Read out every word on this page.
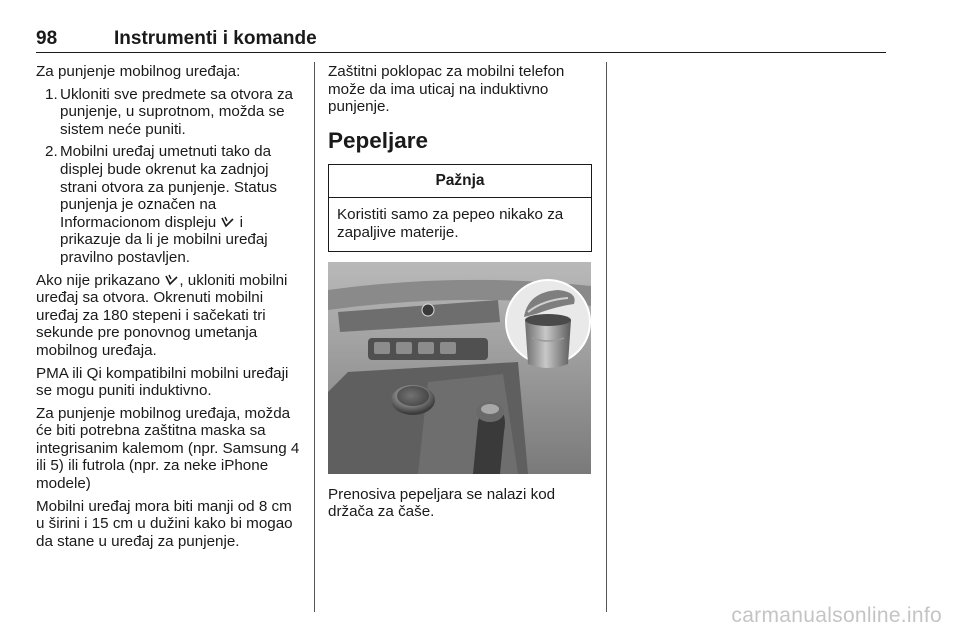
98	Instrumenti i komande

Za punjenje mobilnog uređaja:

1. Ukloniti sve predmete sa otvora za punjenje, u suprotnom, možda se sistem neće puniti.
2. Mobilni uređaj umetnuti tako da displej bude okrenut ka zadnjoj strani otvora za punjenje. Status punjenja je označen na Informacionom displeju i prikazuje da li je mobilni uređaj pravilno postavljen.

Ako nije prikazano , ukloniti mobilni uređaj sa otvora. Okrenuti mobilni uređaj za 180 stepeni i sačekati tri sekunde pre ponovnog umetanja mobilnog uređaja.

PMA ili Qi kompatibilni mobilni uređaji se mogu puniti induktivno.

Za punjenje mobilnog uređaja, možda će biti potrebna zaštitna maska sa integrisanim kalemom (npr. Samsung 4 ili 5) ili futrola (npr. za neke iPhone modele)

Mobilni uređaj mora biti manji od 8 cm u širini i 15 cm u dužini kako bi mogao da stane u uređaj za punjenje.

Zaštitni poklopac za mobilni telefon može da ima uticaj na induktivno punjenje.

Pepeljare
Pažnja
Koristiti samo za pepeo nikako za zapaljive materije.

Prenosiva pepeljara se nalazi kod držača za čaše.

carmanualsonline.info
